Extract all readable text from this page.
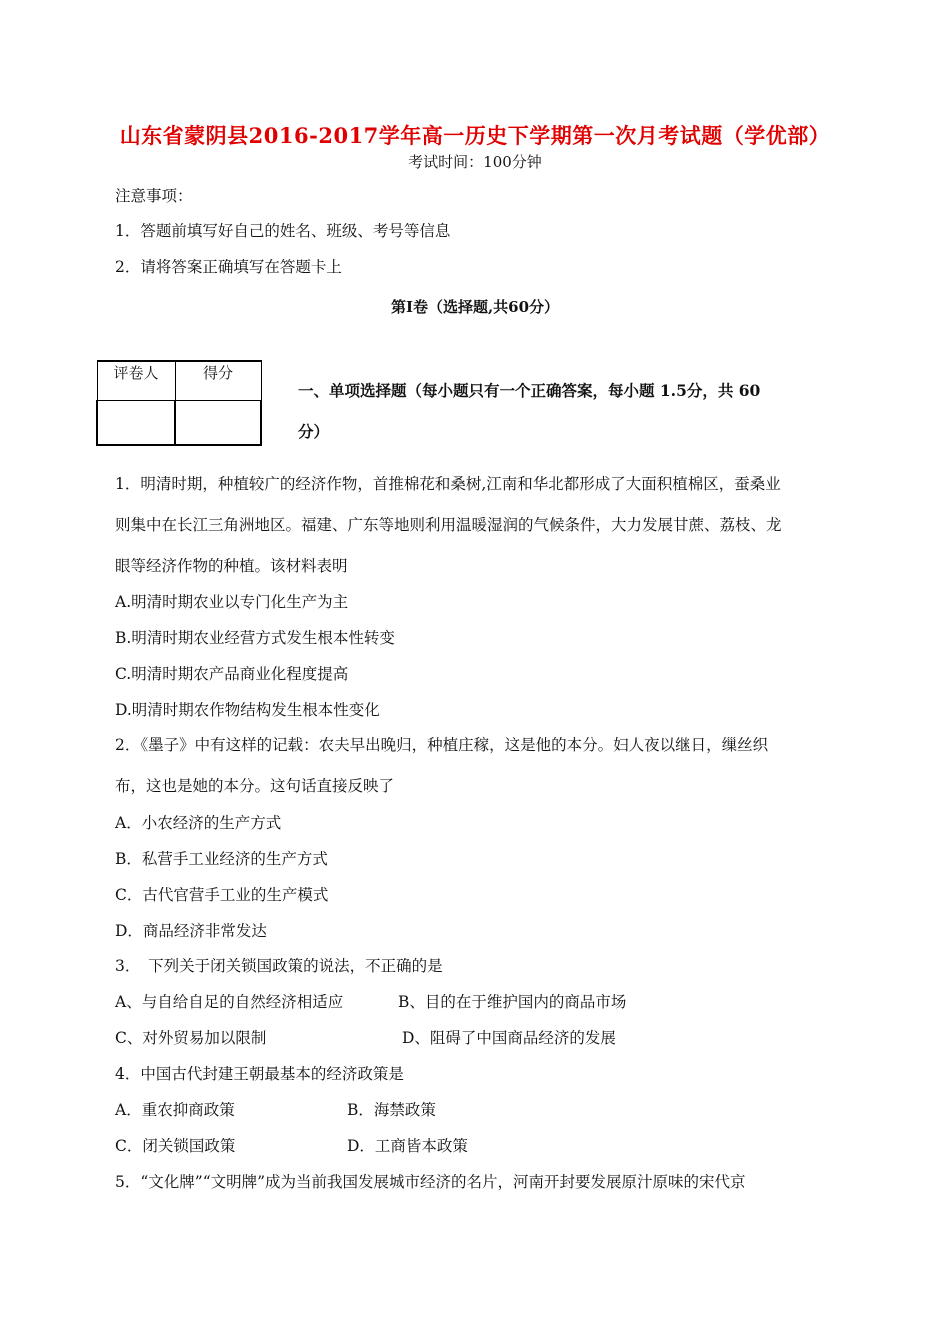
山东省蒙阴县2016-2017学年高一历史下学期第一次月考试题（学优部）
考试时间：100分钟
注意事项：
1．答题前填写好自己的姓名、班级、考号等信息
2．请将答案正确填写在答题卡上
第I卷（选择题,共60分）
评卷人	得分

一、单项选择题（每小题只有一个正确答案，每小题 1.5分，共 60
分）
1．明清时期，种植较广的经济作物，首推棉花和桑树,江南和华北都形成了大面积植棉区，蚕桑业
则集中在长江三角洲地区。福建、广东等地则利用温暖湿润的气候条件，大力发展甘蔗、荔枝、龙
眼等经济作物的种植。该材料表明
A.明清时期农业以专门化生产为主
B.明清时期农业经营方式发生根本性转变
C.明清时期农产品商业化程度提高
D.明清时期农作物结构发生根本性变化
2．《墨子》中有这样的记载：农夫早出晚归，种植庄稼，这是他的本分。妇人夜以继日，缫丝织
布，这也是她的本分。这句话直接反映了
A．小农经济的生产方式
B．私营手工业经济的生产方式
C．古代官营手工业的生产模式
D．商品经济非常发达
3．　下列关于闭关锁国政策的说法，不正确的是
A、与自给自足的自然经济相适应	B、目的在于维护国内的商品市场
C、对外贸易加以限制	D、阻碍了中国商品经济的发展
4．中国古代封建王朝最基本的经济政策是
A．重农抑商政策	B．海禁政策
C．闭关锁国政策	D．工商皆本政策
5．“文化牌”“文明牌”成为当前我国发展城市经济的名片，河南开封要发展原汁原味的宋代京
